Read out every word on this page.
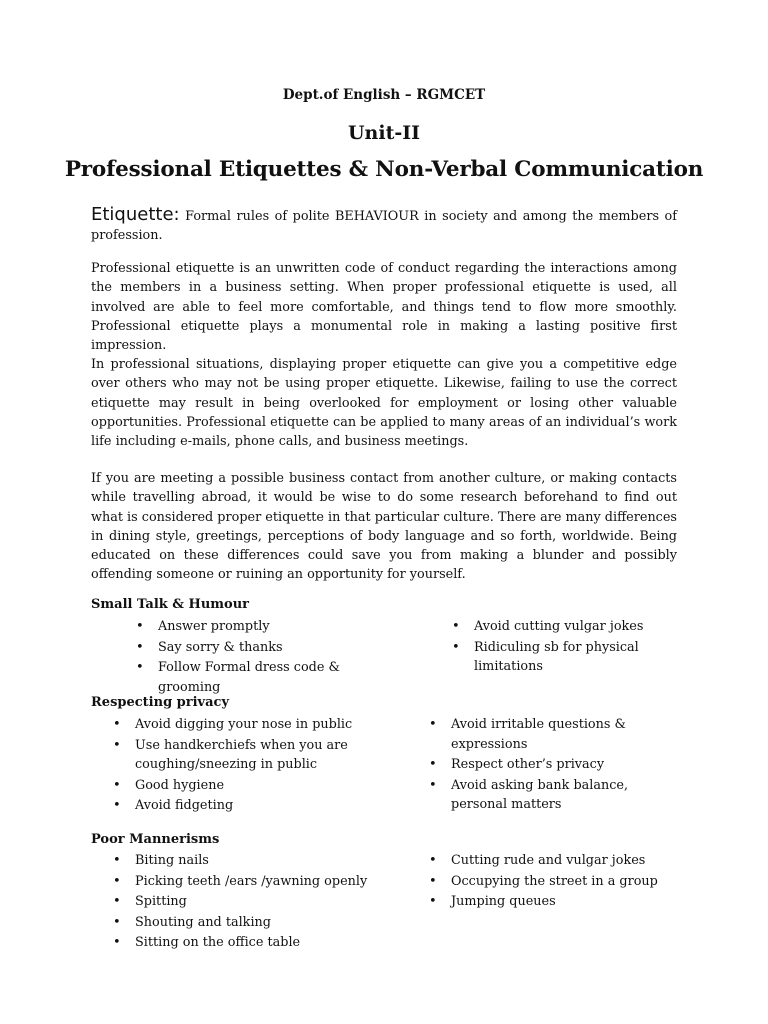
Dept.of English – RGMCET
Unit-II
Professional Etiquettes & Non-Verbal Communication

Etiquette: Formal rules of polite BEHAVIOUR in society and among the members of profession.

Professional etiquette is an unwritten code of conduct regarding the interactions among the members in a business setting. When proper professional etiquette is used, all involved are able to feel more comfortable, and things tend to flow more smoothly. Professional etiquette plays a monumental role in making a lasting positive first impression.

In professional situations, displaying proper etiquette can give you a competitive edge over others who may not be using proper etiquette. Likewise, failing to use the correct etiquette may result in being overlooked for employment or losing other valuable opportunities. Professional etiquette can be applied to many areas of an individual’s work life including e-mails, phone calls, and business meetings.

If you are meeting a possible business contact from another culture, or making contacts while travelling abroad, it would be wise to do some research beforehand to find out what is considered proper etiquette in that particular culture. There are many differences in dining style, greetings, perceptions of body language and so forth, worldwide. Being educated on these differences could save you from making a blunder and possibly offending someone or ruining an opportunity for yourself.

Small Talk & Humour
• Answer promptly
• Say sorry & thanks
• Follow Formal dress code & grooming
• Avoid cutting vulgar jokes
• Ridiculing sb for physical limitations
Respecting privacy
• Avoid digging your nose in public
• Use handkerchiefs when you are coughing/sneezing in public
• Good hygiene
• Avoid fidgeting
• Avoid irritable questions & expressions
• Respect other’s privacy
• Avoid asking bank balance, personal matters
Poor Mannerisms
• Biting nails
• Picking teeth /ears /yawning openly
• Spitting
• Shouting and talking
• Sitting on the office table
• Cutting rude and vulgar jokes
• Occupying the street in a group
• Jumping queues
